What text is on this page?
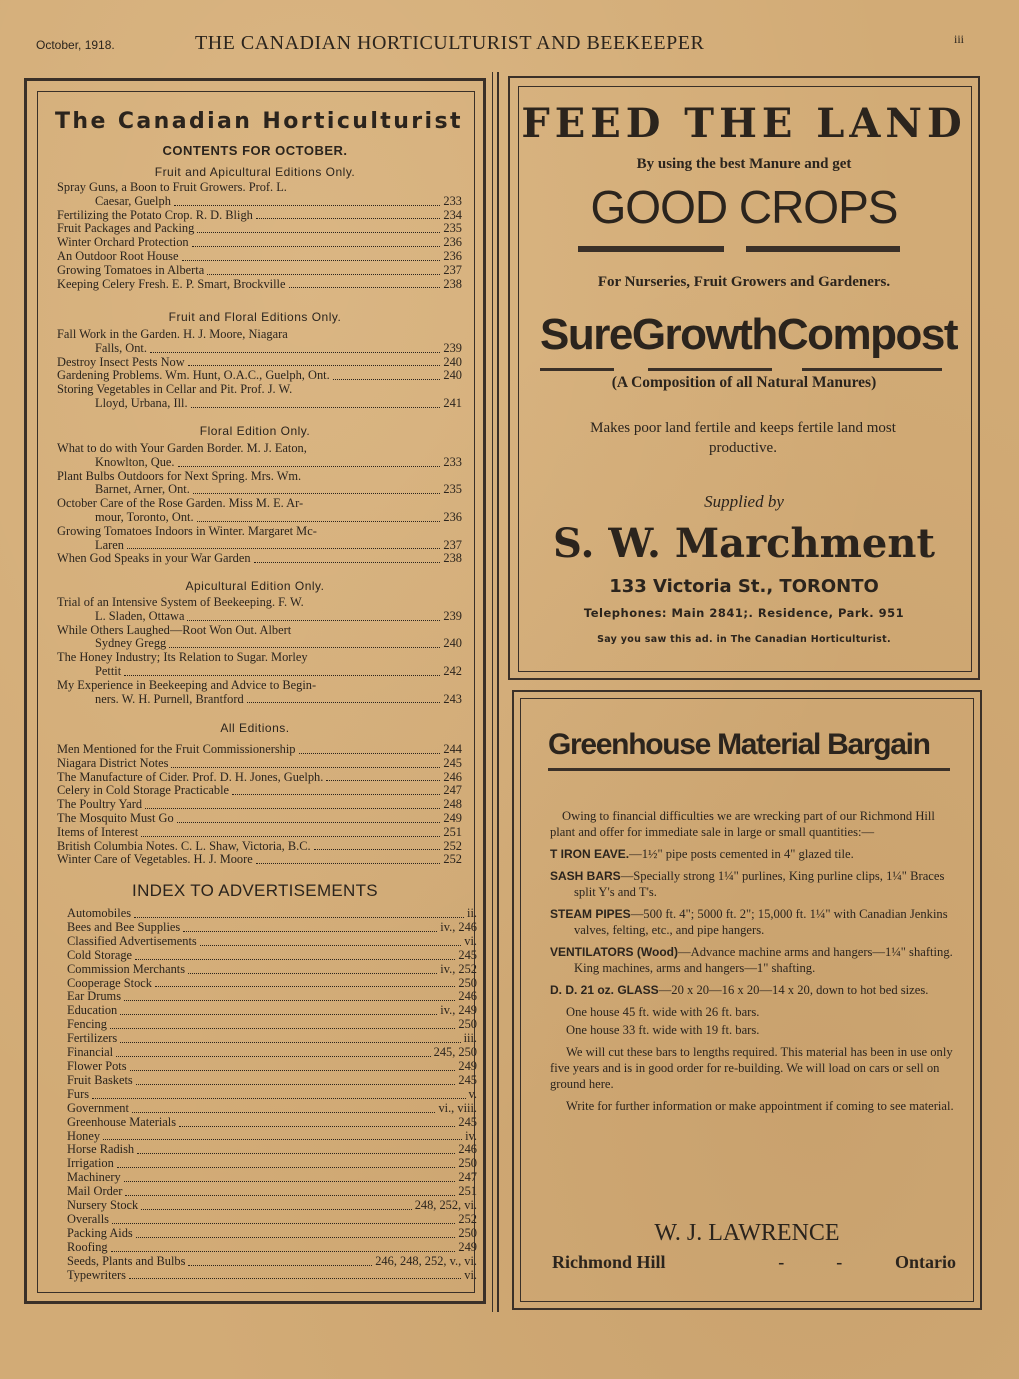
October, 1918.	THE CANADIAN HORTICULTURIST AND BEEKEEPER	iii
The Canadian Horticulturist
CONTENTS FOR OCTOBER.
Fruit and Apicultural Editions Only.
Spray Guns, a Boon to Fruit Growers. Prof. L.
Caesar, Guelph	233
Fertilizing the Potato Crop. R. D. Bligh	234
Fruit Packages and Packing	235
Winter Orchard Protection	236
An Outdoor Root House	236
Growing Tomatoes in Alberta	237
Keeping Celery Fresh. E. P. Smart, Brockville	238
Fruit and Floral Editions Only.
Fall Work in the Garden. H. J. Moore, Niagara
Falls, Ont.	239
Destroy Insect Pests Now	240
Gardening Problems. Wm. Hunt, O.A.C., Guelph, Ont.	240
Storing Vegetables in Cellar and Pit. Prof. J. W.
Lloyd, Urbana, Ill.	241
Floral Edition Only.
What to do with Your Garden Border. M. J. Eaton,
Knowlton, Que.	233
Plant Bulbs Outdoors for Next Spring. Mrs. Wm.
Barnet, Arner, Ont.	235
October Care of the Rose Garden. Miss M. E. Ar-
mour, Toronto, Ont.	236
Growing Tomatoes Indoors in Winter. Margaret Mc-
Laren	237
When God Speaks in your War Garden	238
Apicultural Edition Only.
Trial of an Intensive System of Beekeeping. F. W.
L. Sladen, Ottawa	239
While Others Laughed—Root Won Out. Albert
Sydney Gregg	240
The Honey Industry; Its Relation to Sugar. Morley
Pettit	242
My Experience in Beekeeping and Advice to Begin-
ners. W. H. Purnell, Brantford	243
All Editions.
Men Mentioned for the Fruit Commissionership	244
Niagara District Notes	245
The Manufacture of Cider. Prof. D. H. Jones, Guelph.	246
Celery in Cold Storage Practicable	247
The Poultry Yard	248
The Mosquito Must Go	249
Items of Interest	251
British Columbia Notes. C. L. Shaw, Victoria, B.C.	252
Winter Care of Vegetables. H. J. Moore	252
INDEX TO ADVERTISEMENTS
Automobiles	ii.
Bees and Bee Supplies	iv., 246
Classified Advertisements	vi.
Cold Storage	245
Commission Merchants	iv., 252
Cooperage Stock	250
Ear Drums	246
Education	iv., 249
Fencing	250
Fertilizers	iii.
Financial	245, 250
Flower Pots	249
Fruit Baskets	245
Furs	v.
Government	vi., viii.
Greenhouse Materials	245
Honey	iv.
Horse Radish	246
Irrigation	250
Machinery	247
Mail Order	251
Nursery Stock	248, 252, vi.
Overalls	252
Packing Aids	250
Roofing	249
Seeds, Plants and Bulbs	246, 248, 252, v., vi.
Typewriters	vi.
FEED THE LAND
By using the best Manure and get
GOOD CROPS
For Nurseries, Fruit Growers and Gardeners.
Sure Growth Compost
(A Composition of all Natural Manures)
Makes poor land fertile and keeps fertile land most productive.
Supplied by
S. W. Marchment
133 Victoria St., TORONTO
Telephones: Main 2841;. Residence, Park. 951
Say you saw this ad. in The Canadian Horticulturist.
Greenhouse Material Bargain

Owing to financial difficulties we are wrecking part of our Richmond Hill plant and offer for immediate sale in large or small quantities:—

T IRON EAVE.—1½" pipe posts cemented in 4" glazed tile.

SASH BARS—Specially strong 1¼" purlines, King purline clips, 1¼" Braces split Y's and T's.

STEAM PIPES—500 ft. 4"; 5000 ft. 2"; 15,000 ft. 1¼" with Canadian Jenkins valves, felting, etc., and pipe hangers.

VENTILATORS (Wood)—Advance machine arms and hangers—1¼" shafting. King machines, arms and hangers—1" shafting.

D. D. 21 oz. GLASS—20 x 20—16 x 20—14 x 20, down to hot bed sizes.

One house 45 ft. wide with 26 ft. bars.

One house 33 ft. wide with 19 ft. bars.

We will cut these bars to lengths required. This material has been in use only five years and is in good order for re-building. We will load on cars or sell on ground here.

Write for further information or make appointment if coming to see material.

W. J. LAWRENCE
Richmond Hill	-	-	Ontario
